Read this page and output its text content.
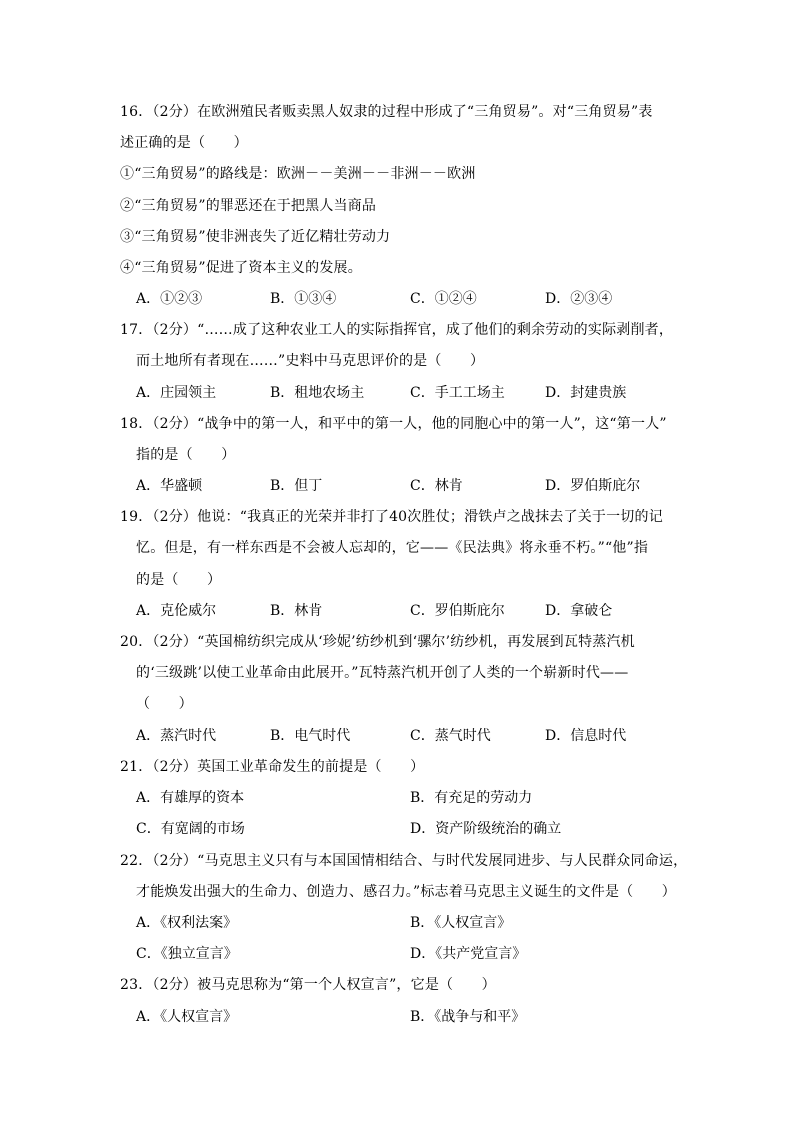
16．（2分）在欧洲殖民者贩卖黑人奴隶的过程中形成了“三角贸易”。对“三角贸易”表
述正确的是（　　）
①“三角贸易”的路线是：欧洲－－美洲－－非洲－－欧洲
②“三角贸易”的罪恶还在于把黑人当商品
③“三角贸易”使非洲丧失了近亿精壮劳动力
④“三角贸易”促进了资本主义的发展。
A．①②③	B．①③④	C．①②④	D．②③④
17．（2分）“……成了这种农业工人的实际指挥官，成了他们的剩余劳动的实际剥削者，
而土地所有者现在……”史料中马克思评价的是（　　）
A．庄园领主	B．租地农场主	C．手工工场主	D．封建贵族
18．（2分）“战争中的第一人，和平中的第一人，他的同胞心中的第一人”，这“第一人”
指的是（　　）
A．华盛顿	B．但丁	C．林肯	D．罗伯斯庇尔
19．（2分）他说：“我真正的光荣并非打了40次胜仗；滑铁卢之战抹去了关于一切的记
忆。但是，有一样东西是不会被人忘却的，它——《民法典》将永垂不朽。”“他”指
的是（　　）
A．克伦威尔	B．林肯	C．罗伯斯庇尔	D．拿破仑
20．（2分）“英国棉纺织完成从‘珍妮’纺纱机到‘骡尔’纺纱机，再发展到瓦特蒸汽机
的‘三级跳’以使工业革命由此展开。”瓦特蒸汽机开创了人类的一个崭新时代——
（　　）
A．蒸汽时代	B．电气时代	C．蒸气时代	D．信息时代
21．（2分）英国工业革命发生的前提是（　　）
A．有雄厚的资本	B．有充足的劳动力
C．有宽阔的市场	D．资产阶级统治的确立
22．（2分）“马克思主义只有与本国国情相结合、与时代发展同进步、与人民群众同命运，
才能焕发出强大的生命力、创造力、感召力。”标志着马克思主义诞生的文件是（　　）
A．《权利法案》	B．《人权宣言》
C．《独立宣言》	D．《共产党宣言》
23．（2分）被马克思称为“第一个人权宣言”，它是（　　）
A．《人权宣言》	B．《战争与和平》
